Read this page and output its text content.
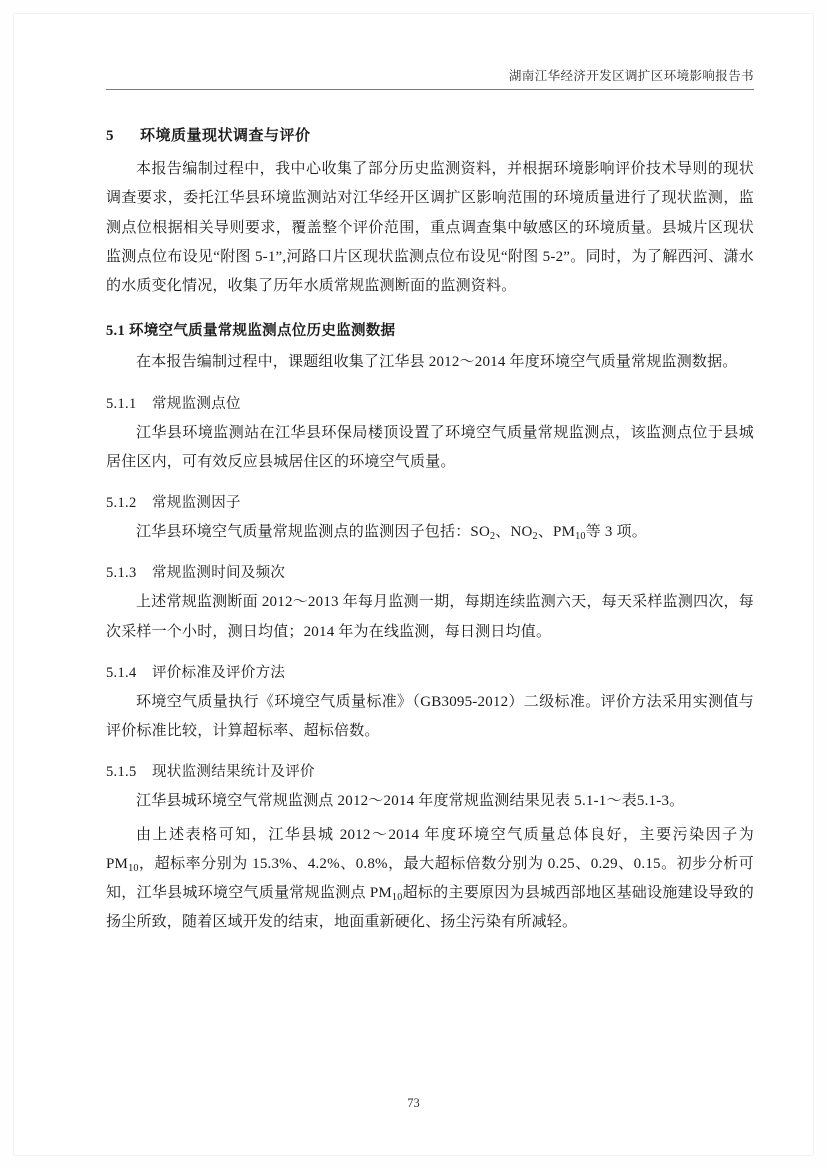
湖南江华经济开发区调扩区环境影响报告书
5 环境质量现状调查与评价

本报告编制过程中，我中心收集了部分历史监测资料，并根据环境影响评价技术导则的现状调查要求，委托江华县环境监测站对江华经开区调扩区影响范围的环境质量进行了现状监测，监测点位根据相关导则要求，覆盖整个评价范围，重点调查集中敏感区的环境质量。县城片区现状监测点位布设见“附图 5-1”,河路口片区现状监测点位布设见“附图 5-2”。同时，为了解西河、潇水的水质变化情况，收集了历年水质常规监测断面的监测资料。

5.1 环境空气质量常规监测点位历史监测数据

在本报告编制过程中，课题组收集了江华县 2012～2014 年度环境空气质量常规监测数据。

5.1.1 常规监测点位

江华县环境监测站在江华县环保局楼顶设置了环境空气质量常规监测点，该监测点位于县城居住区内，可有效反应县城居住区的环境空气质量。

5.1.2 常规监测因子

江华县环境空气质量常规监测点的监测因子包括：$SO_2$、$NO_2$、$PM_{10}$等 3 项。

5.1.3 常规监测时间及频次

上述常规监测断面 2012～2013 年每月监测一期，每期连续监测六天，每天采样监测四次，每次采样一个小时，测日均值；2014 年为在线监测，每日测日均值。

5.1.4 评价标准及评价方法

环境空气质量执行《环境空气质量标准》（GB3095-2012）二级标准。评价方法采用实测值与评价标准比较，计算超标率、超标倍数。

5.1.5 现状监测结果统计及评价

江华县城环境空气常规监测点 2012～2014 年度常规监测结果见表 5.1-1～表5.1-3。

由上述表格可知，江华县城 2012～2014 年度环境空气质量总体良好，主要污染因子为 $PM_{10}$，超标率分别为 15.3%、4.2%、0.8%，最大超标倍数分别为 0.25、0.29、0.15。初步分析可知，江华县城环境空气质量常规监测点 $PM_{10}$超标的主要原因为县城西部地区基础设施建设导致的扬尘所致，随着区域开发的结束，地面重新硬化、扬尘污染有所减轻。

73
